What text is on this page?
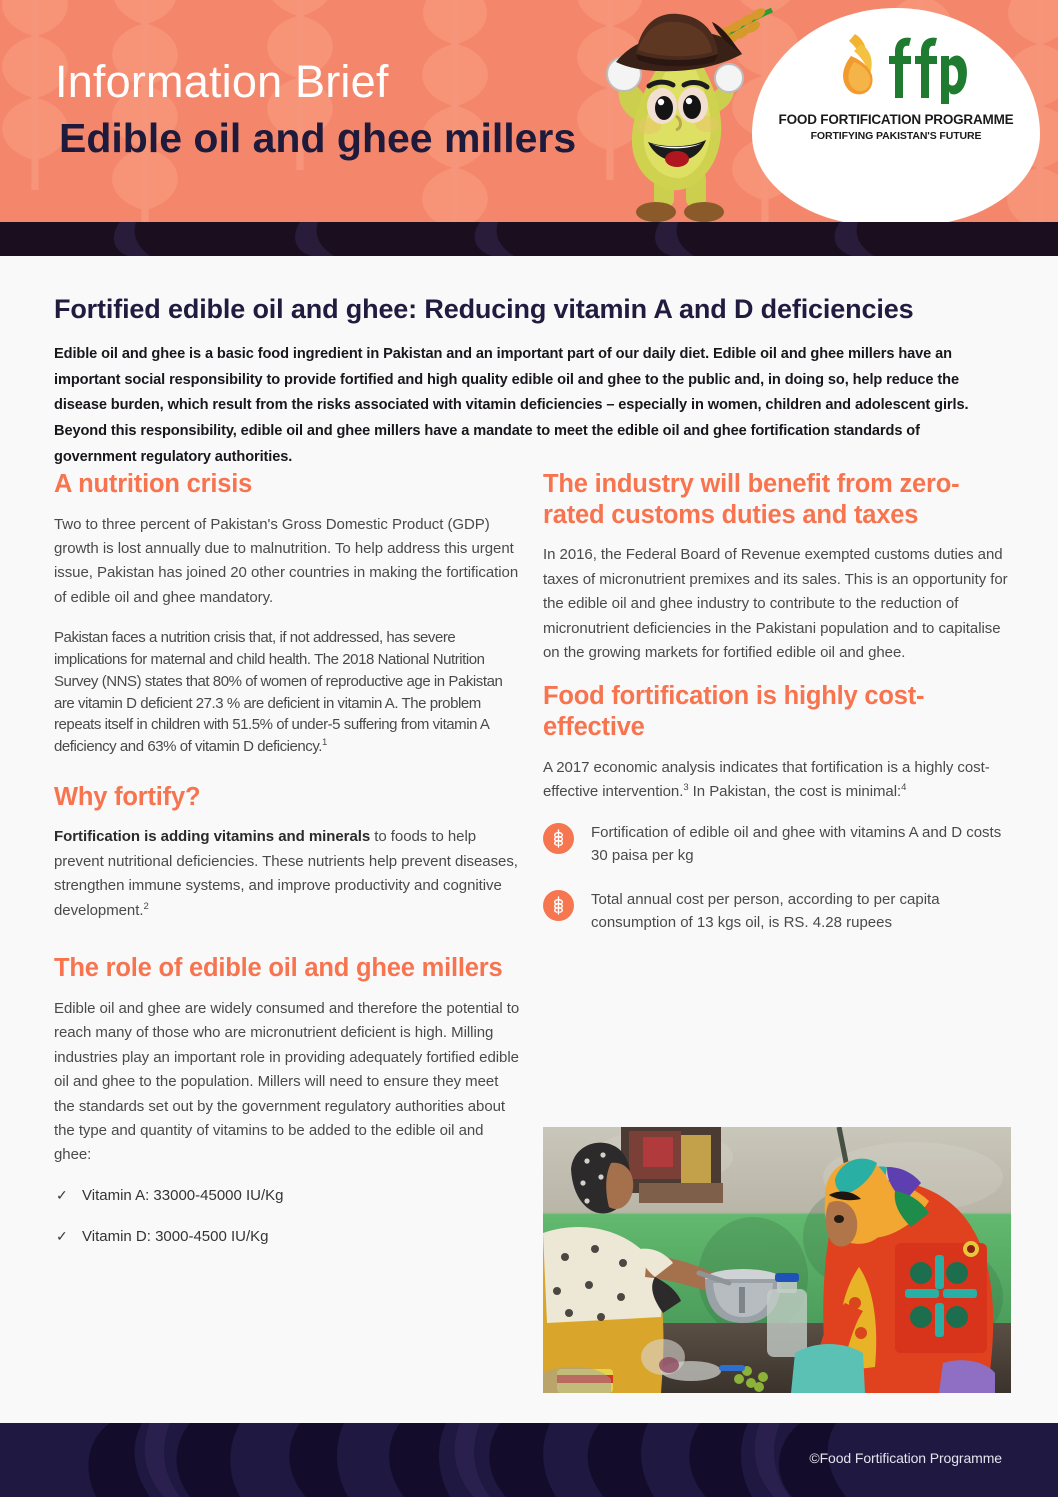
Information Brief
Edible oil and ghee millers	FOOD FORTIFICATION PROGRAMME
FORTIFYING PAKISTAN'S FUTURE
Fortified edible oil and ghee: Reducing vitamin A and D deficiencies

Edible oil and ghee is a basic food ingredient in Pakistan and an important part of our daily diet. Edible oil and ghee millers have an important social responsibility to provide fortified and high quality edible oil and ghee to the public and, in doing so, help reduce the disease burden, which result from the risks associated with vitamin deficiencies – especially in women, children and adolescent girls. Beyond this responsibility, edible oil and ghee millers have a mandate to meet the edible oil and ghee fortification standards of government regulatory authorities.

A nutrition crisis

Two to three percent of Pakistan's Gross Domestic Product (GDP) growth is lost annually due to malnutrition. To help address this urgent issue, Pakistan has joined 20 other countries in making the fortification of edible oil and ghee mandatory.

Pakistan faces a nutrition crisis that, if not addressed, has severe implications for maternal and child health. The 2018 National Nutrition Survey (NNS) states that 80% of women of reproductive age in Pakistan are vitamin D deficient 27.3 % are deficient in vitamin A. The problem repeats itself in children with 51.5% of under-5 suffering from vitamin A deficiency and 63% of vitamin D deficiency.$^1$

Why fortify?

Fortification is adding vitamins and minerals to foods to help prevent nutritional deficiencies. These nutrients help prevent diseases, strengthen immune systems, and improve productivity and cognitive development.$^2$

The role of edible oil and ghee millers

Edible oil and ghee are widely consumed and therefore the potential to reach many of those who are micronutrient deficient is high. Milling industries play an important role in providing adequately fortified edible oil and ghee to the population. Millers will need to ensure they meet the standards set out by the government regulatory authorities about the type and quantity of vitamins to be added to the edible oil and ghee:

✓ Vitamin A: 33000-45000 IU/Kg
✓ Vitamin D: 3000-4500 IU/Kg
The industry will benefit from zero-rated customs duties and taxes

In 2016, the Federal Board of Revenue exempted customs duties and taxes of micronutrient premixes and its sales. This is an opportunity for the edible oil and ghee industry to contribute to the reduction of micronutrient deficiencies in the Pakistani population and to capitalise on the growing markets for fortified edible oil and ghee.

Food fortification is highly cost-effective

A 2017 economic analysis indicates that fortification is a highly cost-effective intervention.$^3$ In Pakistan, the cost is minimal:$^4$

Fortification of edible oil and ghee with vitamins A and D costs 30 paisa per kg
Total annual cost per person, according to per capita consumption of 13 kgs oil, is RS. 4.28 rupees
©Food Fortification Programme
